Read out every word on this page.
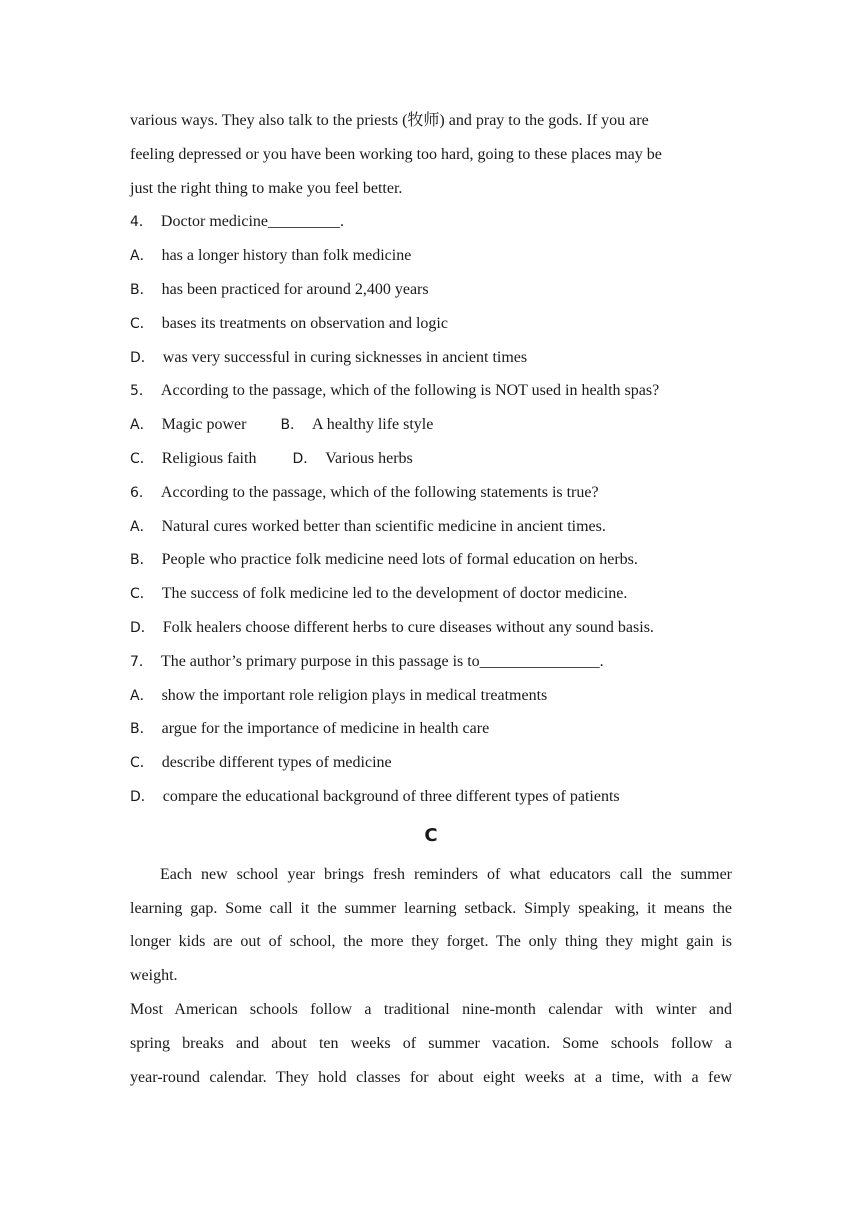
various ways. They also talk to the priests (牧师) and pray to the gods. If you are
feeling depressed or you have been working too hard, going to these places may be
just the right thing to make you feel better.
4． Doctor medicine_________.
A． has a longer history than folk medicine
B． has been practiced for around 2,400 years
C． bases its treatments on observation and logic
D． was very successful in curing sicknesses in ancient times
5． According to the passage, which of the following is NOT used in health spas?
A． Magic power B． A healthy life style
C． Religious faith	D． Various herbs
6． According to the passage, which of the following statements is true?
A． Natural cures worked better than scientific medicine in ancient times.
B． People who practice folk medicine need lots of formal education on herbs.
C． The success of folk medicine led to the development of doctor medicine.
D． Folk healers choose different herbs to cure diseases without any sound basis.
7． The author’s primary purpose in this passage is to_______________.
A． show the important role religion plays in medical treatments
B． argue for the importance of medicine in health care
C． describe different types of medicine
D． compare the educational background of three different types of patients
C
Each new school year brings fresh reminders of what educators call the summer
learning gap. Some call it the summer learning setback. Simply speaking, it means the
longer kids are out of school, the more they forget. The only thing they might gain is
weight.
Most American schools follow a traditional nine-month calendar with winter and
spring breaks and about ten weeks of summer vacation. Some schools follow a
year-round calendar. They hold classes for about eight weeks at a time, with a few
